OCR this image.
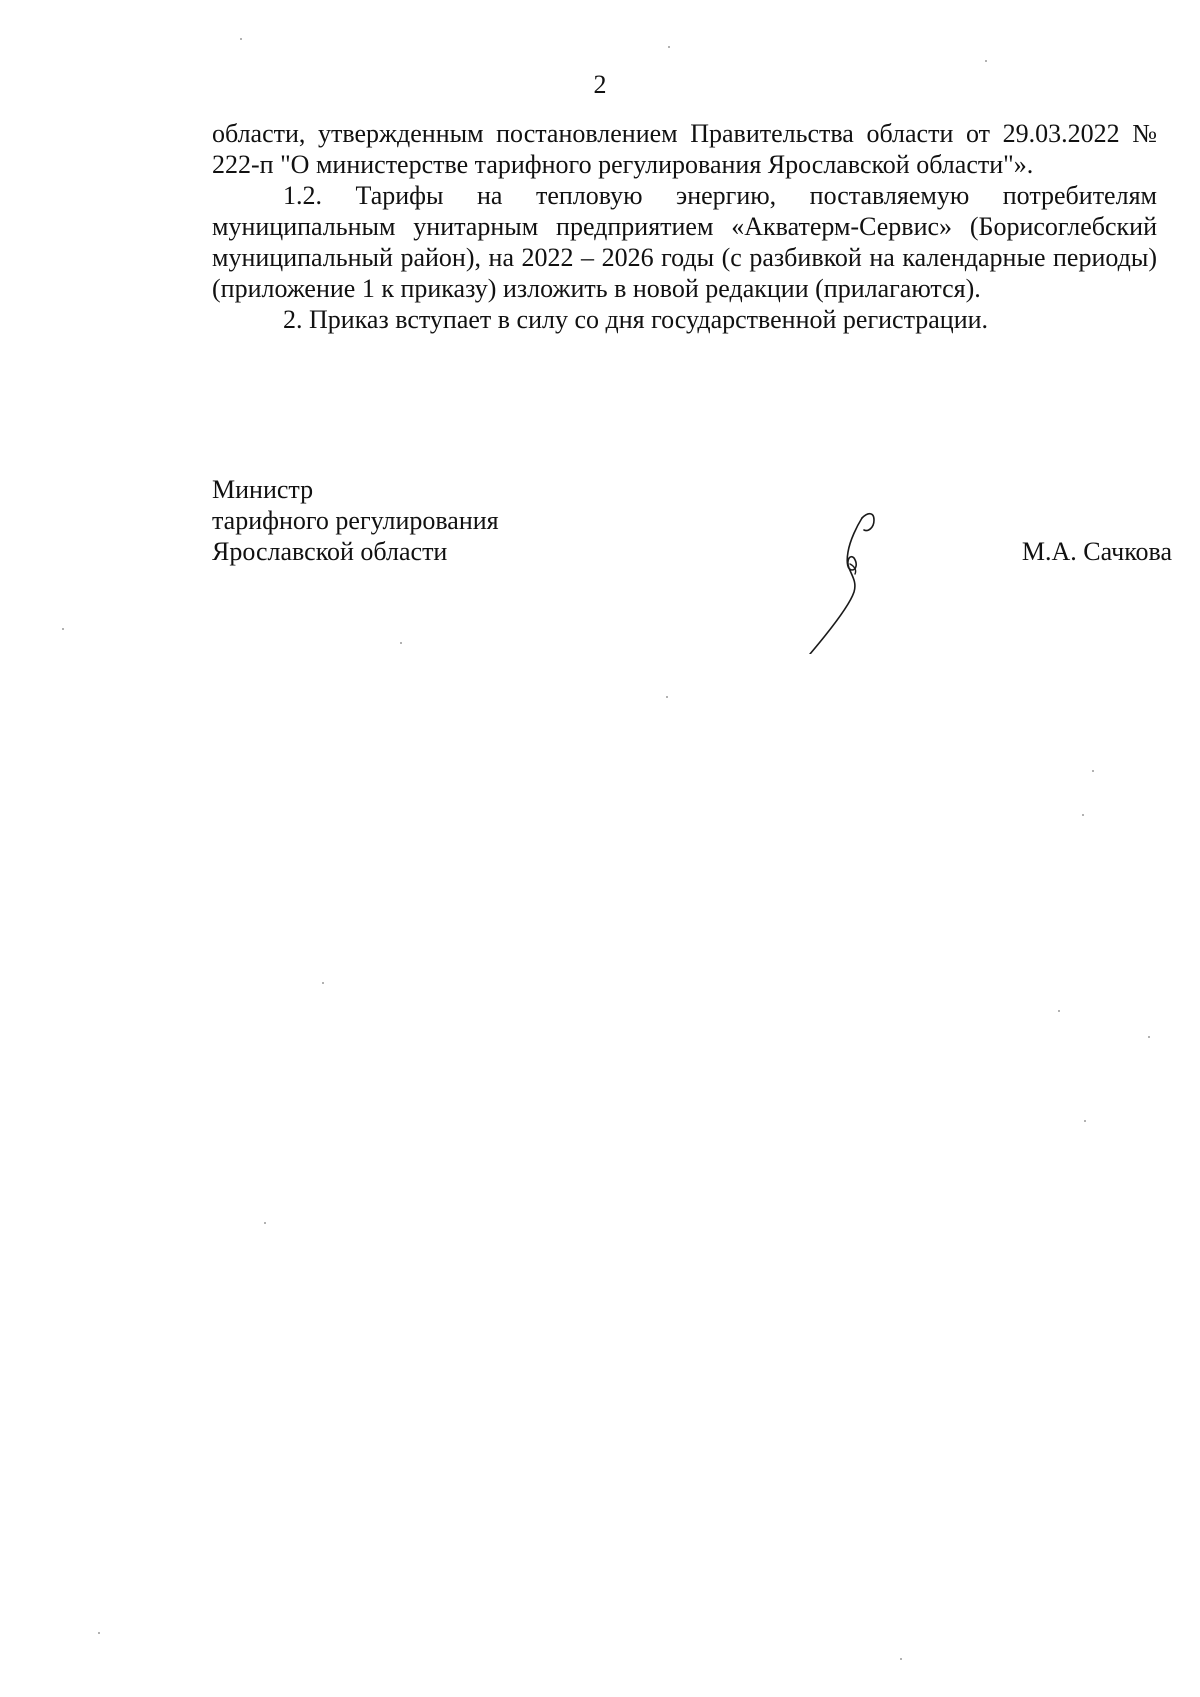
2

области, утвержденным постановлением Правительства области от 29.03.2022 № 222-п "О министерстве тарифного регулирования Ярославской области"».

1.2. Тарифы на тепловую энергию, поставляемую потребителям муниципальным унитарным предприятием «Акватерм-Сервис» (Борисоглебский муниципальный район), на 2022 – 2026 годы (с разбивкой на календарные периоды) (приложение 1 к приказу) изложить в новой редакции (прилагаются).

2. Приказ вступает в силу со дня государственной регистрации.

Министр
тарифного регулирования
Ярославской области	М.А. Сачкова
